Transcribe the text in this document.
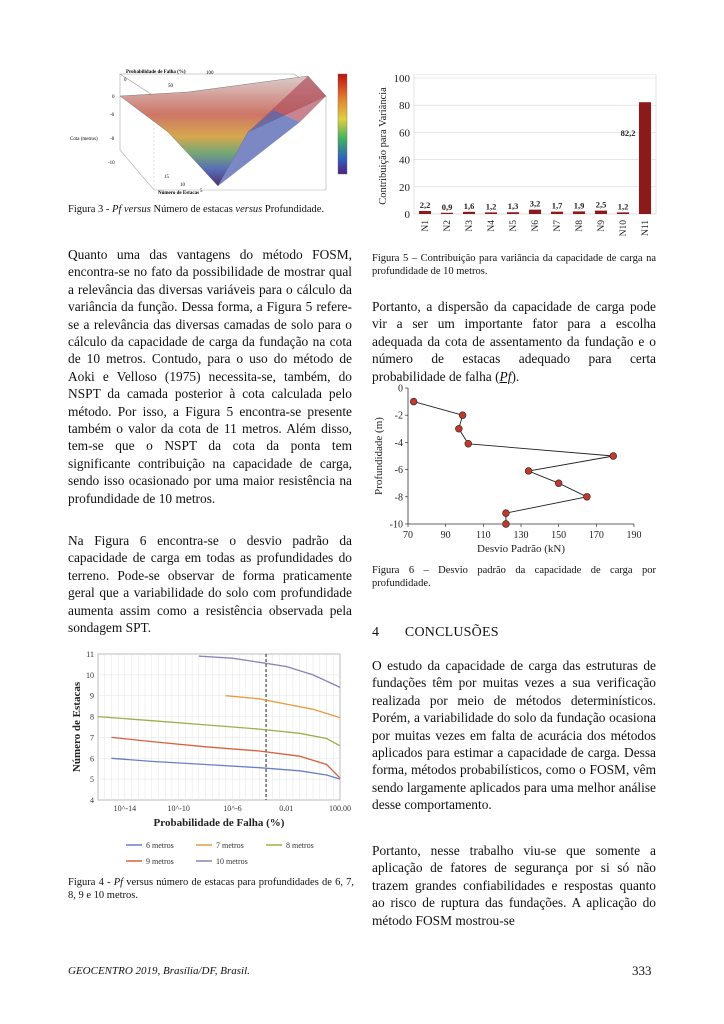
Probabilidade de Falha (%)
0
50
100
Cota (metros)
0
-6
-8
-10
Número de Estacas
15
10
5
Figura 3 - Pf versus Número de estacas versus Profundidade.
Quanto uma das vantagens do método FOSM, encontra-se no fato da possibilidade de mostrar qual a relevância das diversas variáveis para o cálculo da variância da função. Dessa forma, a Figura 5 refere-se a relevância das diversas camadas de solo para o cálculo da capacidade de carga da fundação na cota de 10 metros. Contudo, para o uso do método de Aoki e Velloso (1975) necessita-se, também, do NSPT da camada posterior à cota calculada pelo método. Por isso, a Figura 5 encontra-se presente também o valor da cota de 11 metros. Além disso, tem-se que o NSPT da cota da ponta tem significante contribuição na capacidade de carga, sendo isso ocasionado por uma maior resistência na profundidade de 10 metros.
Na Figura 6 encontra-se o desvio padrão da capacidade de carga em todas as profundidades do terreno. Pode-se observar de forma praticamente geral que a variabilidade do solo com profundidade aumenta assim como a resistência observada pela sondagem SPT.
4
5
6
7
8
9
10
11
10^-14	10^-10	10^-6	0.01	100.00
Probabilidade de Falha (%)
Número de Estacas
6 metros	7 metros	8 metros
9 metros	10 metros
Figura 4 - Pf versus número de estacas para profundidades de 6, 7, 8, 9 e 10 metros.
0
20
40
60
80
100
2,2
N1
0,9
N2
1,6
N3
1,2
N4
1,3
N5
3,2
N6
1,7
N7
1,9
N8
2,5
N9
1,2
N10
82,2
N11
Contribuição para Variância
Figura 5 – Contribuição para variância da capacidade de carga na profundidade de 10 metros.
Portanto, a dispersão da capacidade de carga pode vir a ser um importante fator para a escolha adequada da cota de assentamento da fundação e o número de estacas adequado para certa probabilidade de falha (Pf).
0
-2
-4
-6
-8
-10
70	90	110 130 150 170 190
Desvio Padrão (kN)
Profundidade (m)
Figura 6 – Desvio padrão da capacidade de carga por profundidade.
4 CONCLUSÕES
O estudo da capacidade de carga das estruturas de fundações têm por muitas vezes a sua verificação realizada por meio de métodos determinísticos. Porém, a variabilidade do solo da fundação ocasiona por muitas vezes em falta de acurácia dos métodos aplicados para estimar a capacidade de carga. Dessa forma, métodos probabilísticos, como o FOSM, vêm sendo largamente aplicados para uma melhor análise desse comportamento.
Portanto, nesse trabalho viu-se que somente a aplicação de fatores de segurança por si só não trazem grandes confiabilidades e respostas quanto ao risco de ruptura das fundações. A aplicação do método FOSM mostrou-se
GEOCENTRO 2019, Brasília/DF, Brasil.	333
